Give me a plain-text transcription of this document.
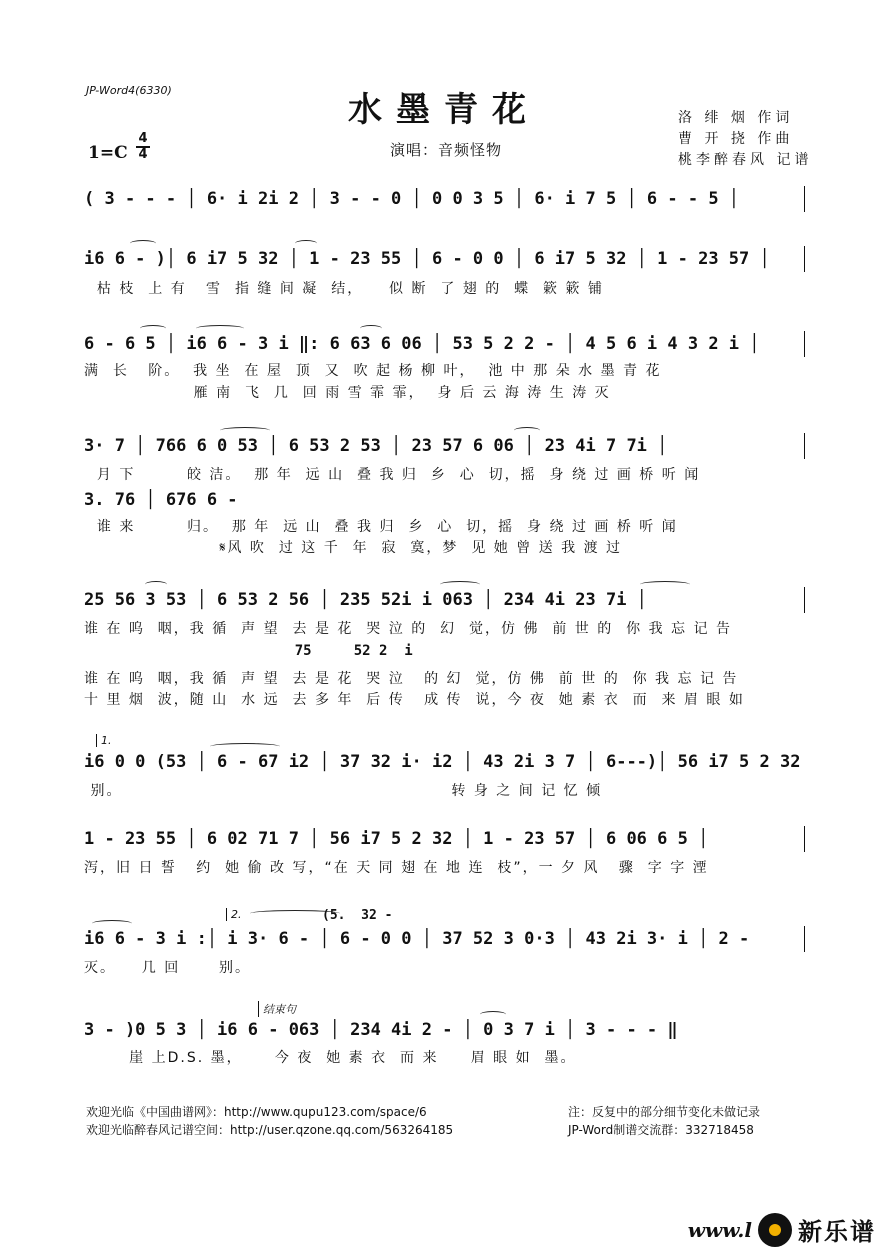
JP-Word4(6330)	水墨青花
1=C
4
4	演唱：音频怪物
洛 绯 烟 作词
曹 开 挠 作曲
桃李醉春风 记谱
( 3 - - - │ 6· i 2i 2 │ 3 - - 0 │ 0 0 3 5 │ 6· i 7 5 │ 6 - - 5 │
i6 6 - )│ 6 i7 5 32 │ 1 - 23 55 │ 6 - 0 0 │ 6 i7 5 32 │ 1 - 23 57 │
枯 枝  上 有   雪  指 缝 间 凝  结，    似 断  了 翅 的  蝶  簌 簌 铺
6 - 6 5 │ i6 6 - 3 i ‖: 6 63 6 06 │ 53 5 2 2 - │ 4 5 6 i 4 3 2 i │
满  长   阶。  我 坐  在 屋  顶  又  吹 起 杨 柳 叶，  池 中 那 朵 水 墨 青 花
雁 南  飞  几  回 雨 雪 霏 霏，  身 后 云 海 涛 生 涛 灭
3· 7 │ 766 6 0 53 │ 6 53 2 53 │ 23 57 6 06 │ 23 4i 7 7i │
月 下        皎 洁。  那 年  远 山  叠 我 归  乡  心  切，摇  身 绕 过 画 桥 听 闻
3. 76 │ 676 6 -
谁 来        归。  那 年  远 山  叠 我 归  乡  心  切，摇  身 绕 过 画 桥 听 闻
𝄋风 吹  过 这 千  年  寂  寞，梦  见 她 曾 送 我 渡 过
25 56 3 53 │ 6 53 2 56 │ 235 52i i 063 │ 234 4i 23 7i │
谁 在 呜  咽，我 循  声 望  去 是 花  哭 泣 的  幻  觉，仿 佛  前 世 的  你 我 忘 记 告
75     52 2  i
谁 在 呜  咽，我 循  声 望  去 是 花  哭 泣   的 幻  觉，仿 佛  前 世 的  你 我 忘 记 告
十 里 烟  波，随 山  水 远  去 多 年  后 传   成 传  说，今 夜  她 素 衣  而  来 眉 眼 如
1.
i6 0 0 (53 │ 6 - 67 i2 │ 37 32 i· i2 │ 43 2i 3 7 │ 6---)│ 56 i7 5 2 32
别。                                                   转 身 之 间 记 忆 倾
1 - 23 55 │ 6 02 71 7 │ 56 i7 5 2 32 │ 1 - 23 57 │ 6 06 6 5 │
泻，旧 日 誓   约  她 偷 改 写，“在 天 同 翅 在 地 连  枝”，一 夕 风   骤  字 字 湮
2.	(5.  32 -
i6 6 - 3 i :│ i 3· 6 - │ 6 - 0 0 │ 37 52 3 0·3 │ 43 2i 3· i │ 2 -
灭。    几 回      别。
结束句
3 - )0 5 3 │ i6 6 - 063 │ 234 4i 2 - │ 0 3 7 i │ 3 - - - ‖
崖 上D.S. 墨，     今 夜  她 素 衣  而 来     眉 眼 如  墨。
欢迎光临《中国曲谱网》：http://www.qupu123.com/space/6
欢迎光临醉春风记谱空间：http://user.qzone.qq.com/563264185
注：反复中的部分细节变化未做记录
JP-Word制谱交流群：332718458
www.l 新乐谱
